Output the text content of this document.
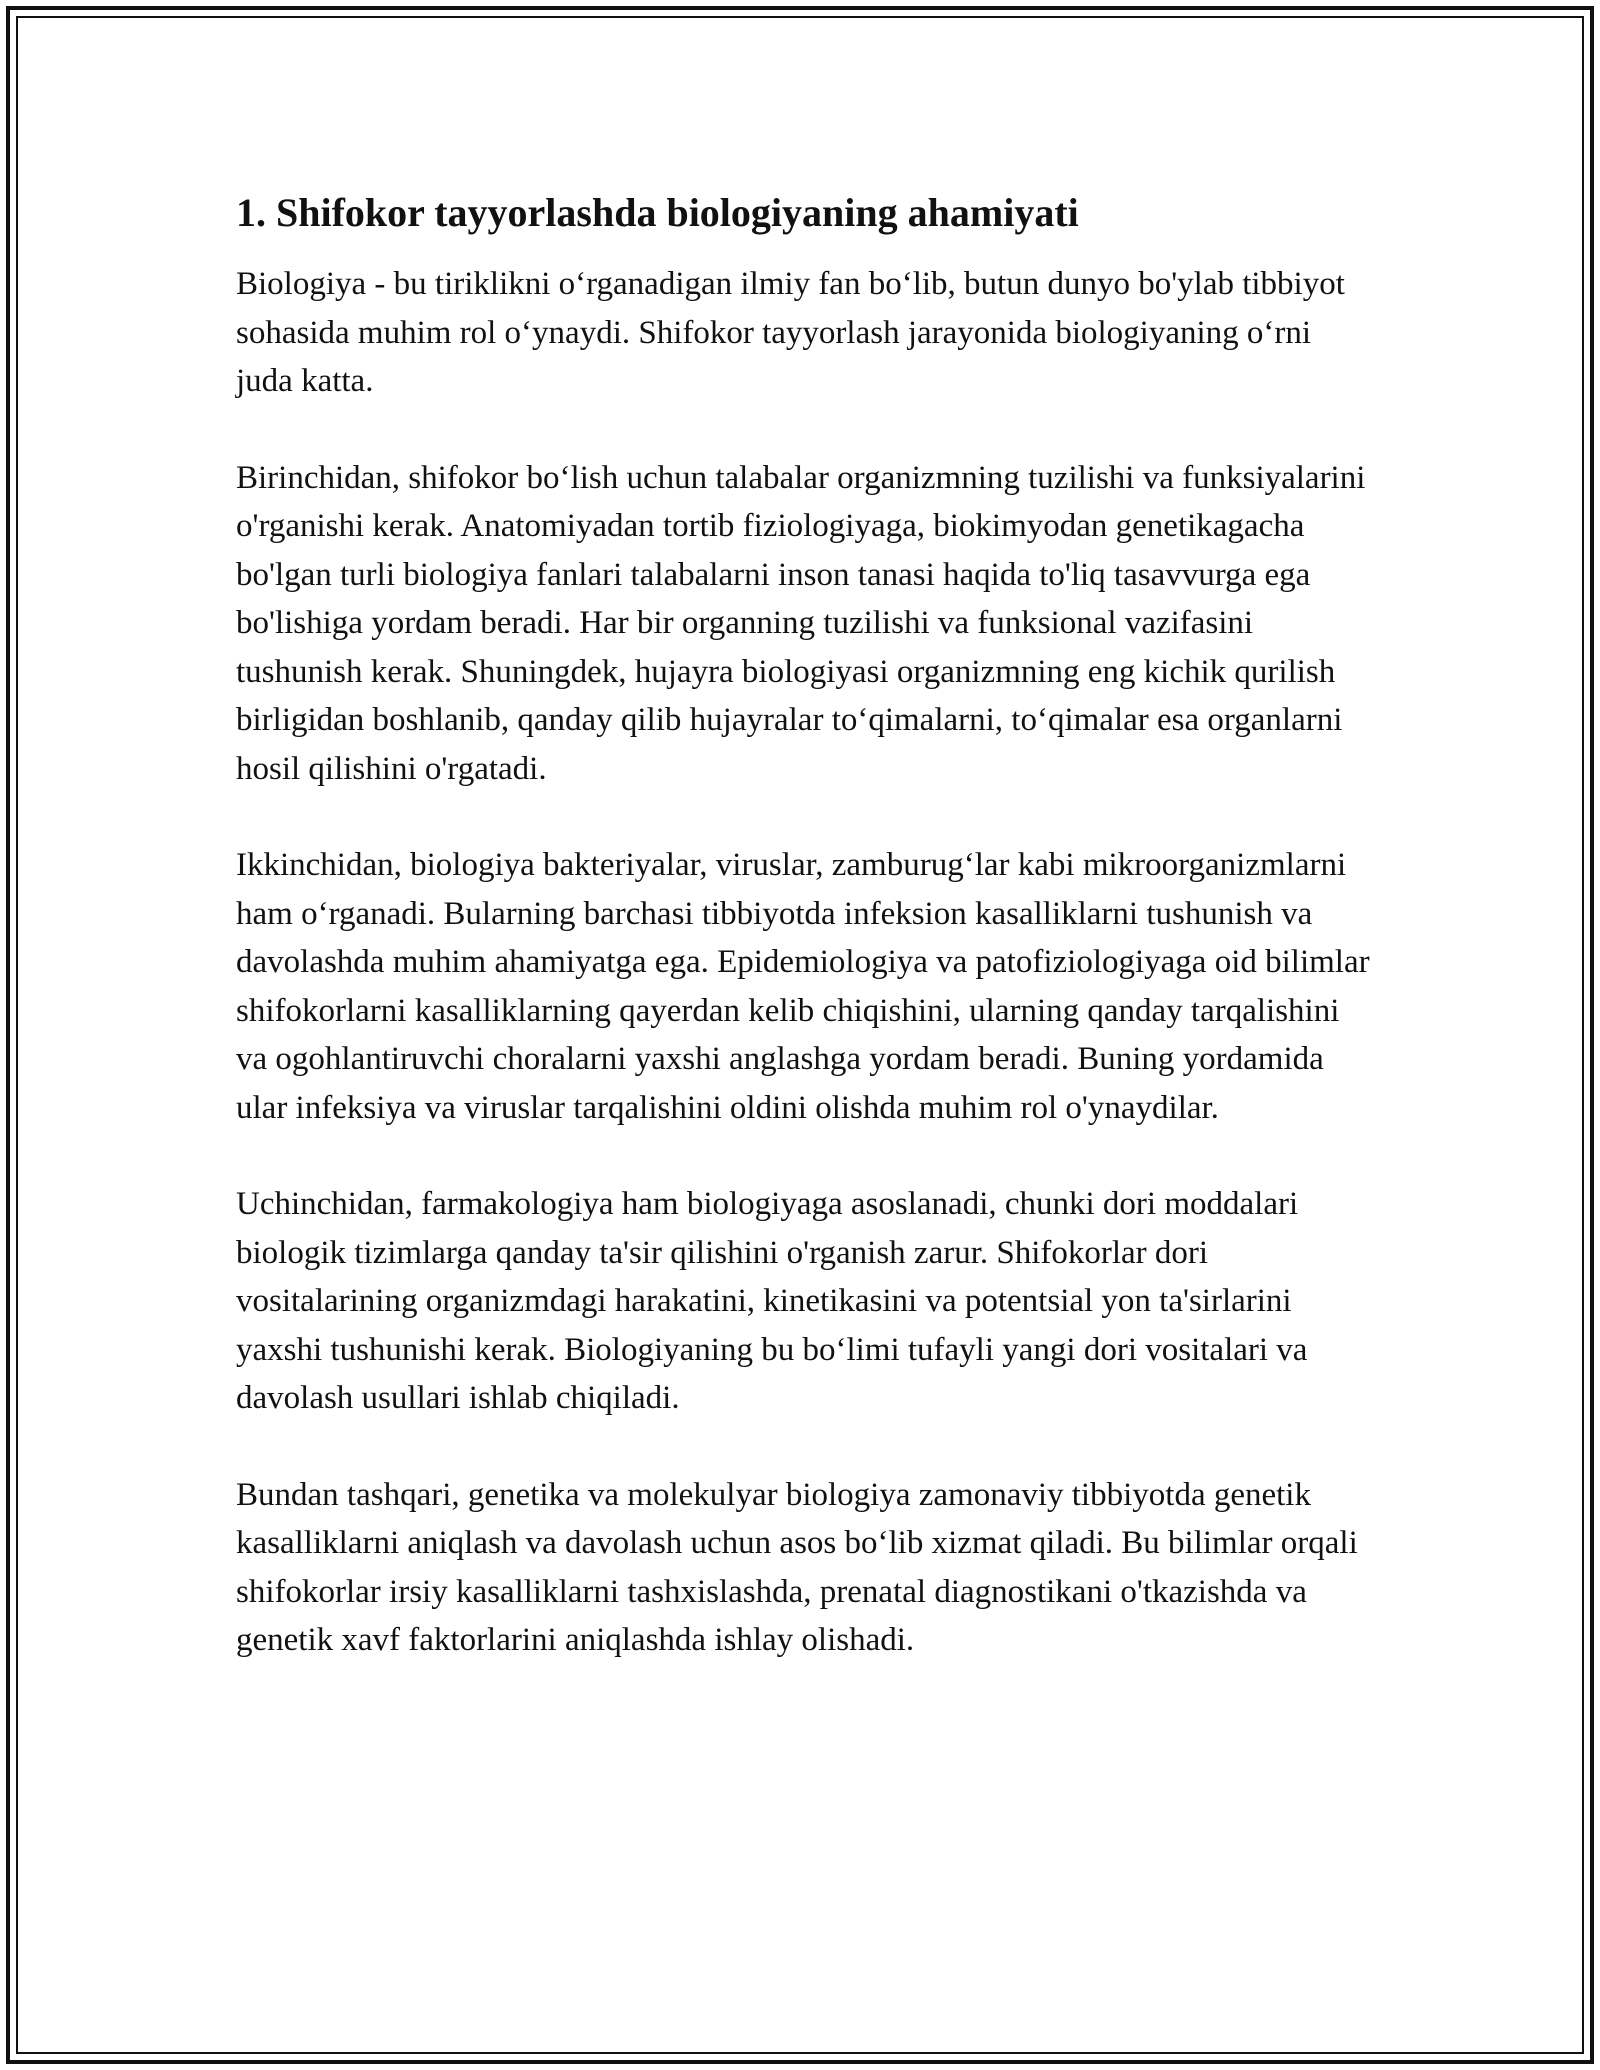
1. Shifokor tayyorlashda biologiyaning ahamiyati

Biologiya - bu tiriklikni oʻrganadigan ilmiy fan boʻlib, butun dunyo bo'ylab tibbiyot sohasida muhim rol oʻynaydi. Shifokor tayyorlash jarayonida biologiyaning oʻrni juda katta.

Birinchidan, shifokor boʻlish uchun talabalar organizmning tuzilishi va funksiyalarini o'rganishi kerak. Anatomiyadan tortib fiziologiyaga, biokimyodan genetikagacha bo'lgan turli biologiya fanlari talabalarni inson tanasi haqida to'liq tasavvurga ega bo'lishiga yordam beradi. Har bir organning tuzilishi va funksional vazifasini tushunish kerak. Shuningdek, hujayra biologiyasi organizmning eng kichik qurilish birligidan boshlanib, qanday qilib hujayralar toʻqimalarni, toʻqimalar esa organlarni hosil qilishini o'rgatadi.

Ikkinchidan, biologiya bakteriyalar, viruslar, zamburugʻlar kabi mikroorganizmlarni ham oʻrganadi. Bularning barchasi tibbiyotda infeksion kasalliklarni tushunish va davolashda muhim ahamiyatga ega. Epidemiologiya va patofiziologiyaga oid bilimlar shifokorlarni kasalliklarning qayerdan kelib chiqishini, ularning qanday tarqalishini va ogohlantiruvchi choralarni yaxshi anglashga yordam beradi. Buning yordamida ular infeksiya va viruslar tarqalishini oldini olishda muhim rol o'ynaydilar.

Uchinchidan, farmakologiya ham biologiyaga asoslanadi, chunki dori moddalari biologik tizimlarga qanday ta'sir qilishini o'rganish zarur. Shifokorlar dori vositalarining organizmdagi harakatini, kinetikasini va potentsial yon ta'sirlarini yaxshi tushunishi kerak. Biologiyaning bu boʻlimi tufayli yangi dori vositalari va davolash usullari ishlab chiqiladi.

Bundan tashqari, genetika va molekulyar biologiya zamonaviy tibbiyotda genetik kasalliklarni aniqlash va davolash uchun asos boʻlib xizmat qiladi. Bu bilimlar orqali shifokorlar irsiy kasalliklarni tashxislashda, prenatal diagnostikani o'tkazishda va genetik xavf faktorlarini aniqlashda ishlay olishadi.
